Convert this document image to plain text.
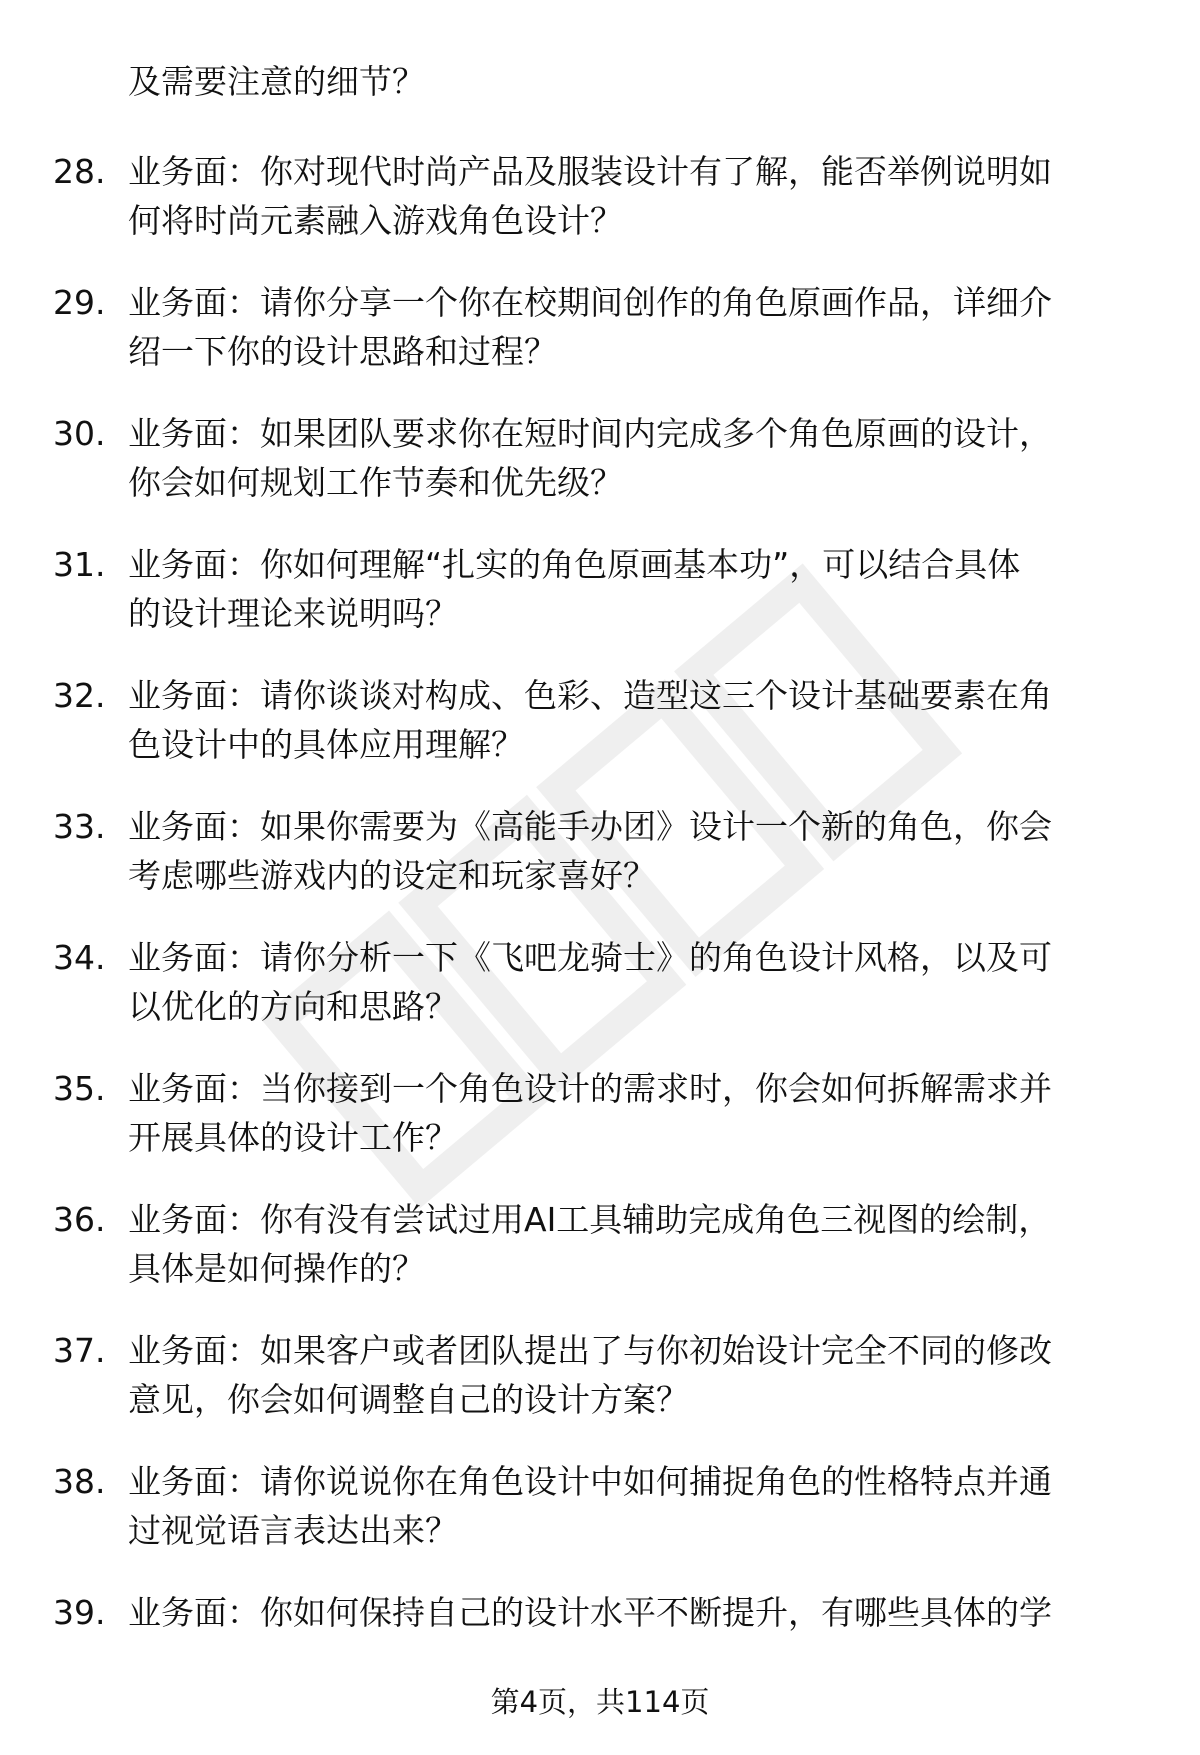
及需要注意的细节？

28. 业务面：你对现代时尚产品及服装设计有了解，能否举例说明如
何将时尚元素融入游戏角色设计？
29. 业务面：请你分享一个你在校期间创作的角色原画作品，详细介
绍一下你的设计思路和过程？
30. 业务面：如果团队要求你在短时间内完成多个角色原画的设计，
你会如何规划工作节奏和优先级？
31. 业务面：你如何理解“扎实的角色原画基本功”，可以结合具体
的设计理论来说明吗？
32. 业务面：请你谈谈对构成、色彩、造型这三个设计基础要素在角
色设计中的具体应用理解？
33. 业务面：如果你需要为《高能手办团》设计一个新的角色，你会
考虑哪些游戏内的设定和玩家喜好？
34. 业务面：请你分析一下《飞吧龙骑士》的角色设计风格，以及可
以优化的方向和思路？
35. 业务面：当你接到一个角色设计的需求时，你会如何拆解需求并
开展具体的设计工作？
36. 业务面：你有没有尝试过用AI工具辅助完成角色三视图的绘制，
具体是如何操作的？
37. 业务面：如果客户或者团队提出了与你初始设计完全不同的修改
意见，你会如何调整自己的设计方案？
38. 业务面：请你说说你在角色设计中如何捕捉角色的性格特点并通
过视觉语言表达出来？
39. 业务面：你如何保持自己的设计水平不断提升，有哪些具体的学

第4页，共114页
